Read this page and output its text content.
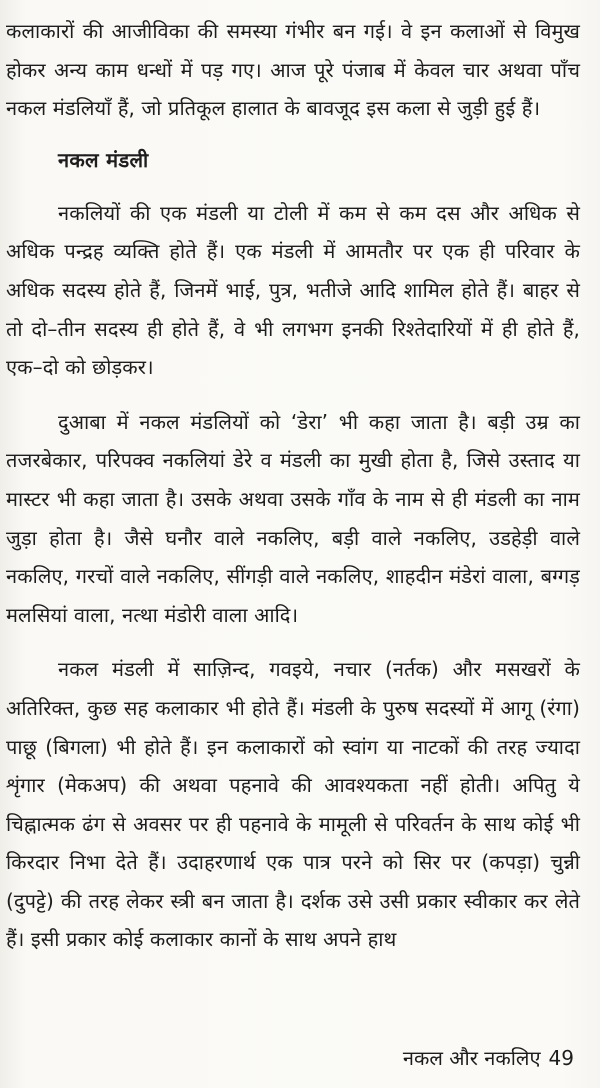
कलाकारों की आजीविका की समस्या गंभीर बन गई। वे इन कलाओं से विमुख होकर अन्य काम धन्धों में पड़ गए। आज पूरे पंजाब में केवल चार अथवा पाँच नकल मंडलियाँ हैं, जो प्रतिकूल हालात के बावजूद इस कला से जुड़ी हुई हैं।

नकल मंडली

नकलियों की एक मंडली या टोली में कम से कम दस और अधिक से अधिक पन्द्रह व्यक्ति होते हैं। एक मंडली में आमतौर पर एक ही परिवार के अधिक सदस्य होते हैं, जिनमें भाई, पुत्र, भतीजे आदि शामिल होते हैं। बाहर से तो दो–तीन सदस्य ही होते हैं, वे भी लगभग इनकी रिश्तेदारियों में ही होते हैं, एक–दो को छोड़कर।

दुआबा में नकल मंडलियों को ‘डेरा’ भी कहा जाता है। बड़ी उम्र का तजरबेकार, परिपक्व नकलियां डेरे व मंडली का मुखी होता है, जिसे उस्ताद या मास्टर भी कहा जाता है। उसके अथवा उसके गाँव के नाम से ही मंडली का नाम जुड़ा होता है। जैसे घनौर वाले नकलिए, बड़ी वाले नकलिए, उडहेड़ी वाले नकलिए, गरचों वाले नकलिए, सींगड़ी वाले नकलिए, शाहदीन मंडेरां वाला, बग्गड़ मलसियां वाला, नत्था मंडोरी वाला आदि।

नकल मंडली में साज़िन्द, गवइये, नचार (नर्तक) और मसखरों के अतिरिक्त, कुछ सह कलाकार भी होते हैं। मंडली के पुरुष सदस्यों में आगू (रंगा) पाछू (बिगला) भी होते हैं। इन कलाकारों को स्वांग या नाटकों की तरह ज्यादा शृंगार (मेकअप) की अथवा पहनावे की आवश्यकता नहीं होती। अपितु ये चिह्नात्मक ढंग से अवसर पर ही पहनावे के मामूली से परिवर्तन के साथ कोई भी किरदार निभा देते हैं। उदाहरणार्थ एक पात्र परने को सिर पर (कपड़ा) चुन्नी (दुपट्टे) की तरह लेकर स्त्री बन जाता है। दर्शक उसे उसी प्रकार स्वीकार कर लेते हैं। इसी प्रकार कोई कलाकार कानों के साथ अपने हाथ

नकल और नकलिए 49
